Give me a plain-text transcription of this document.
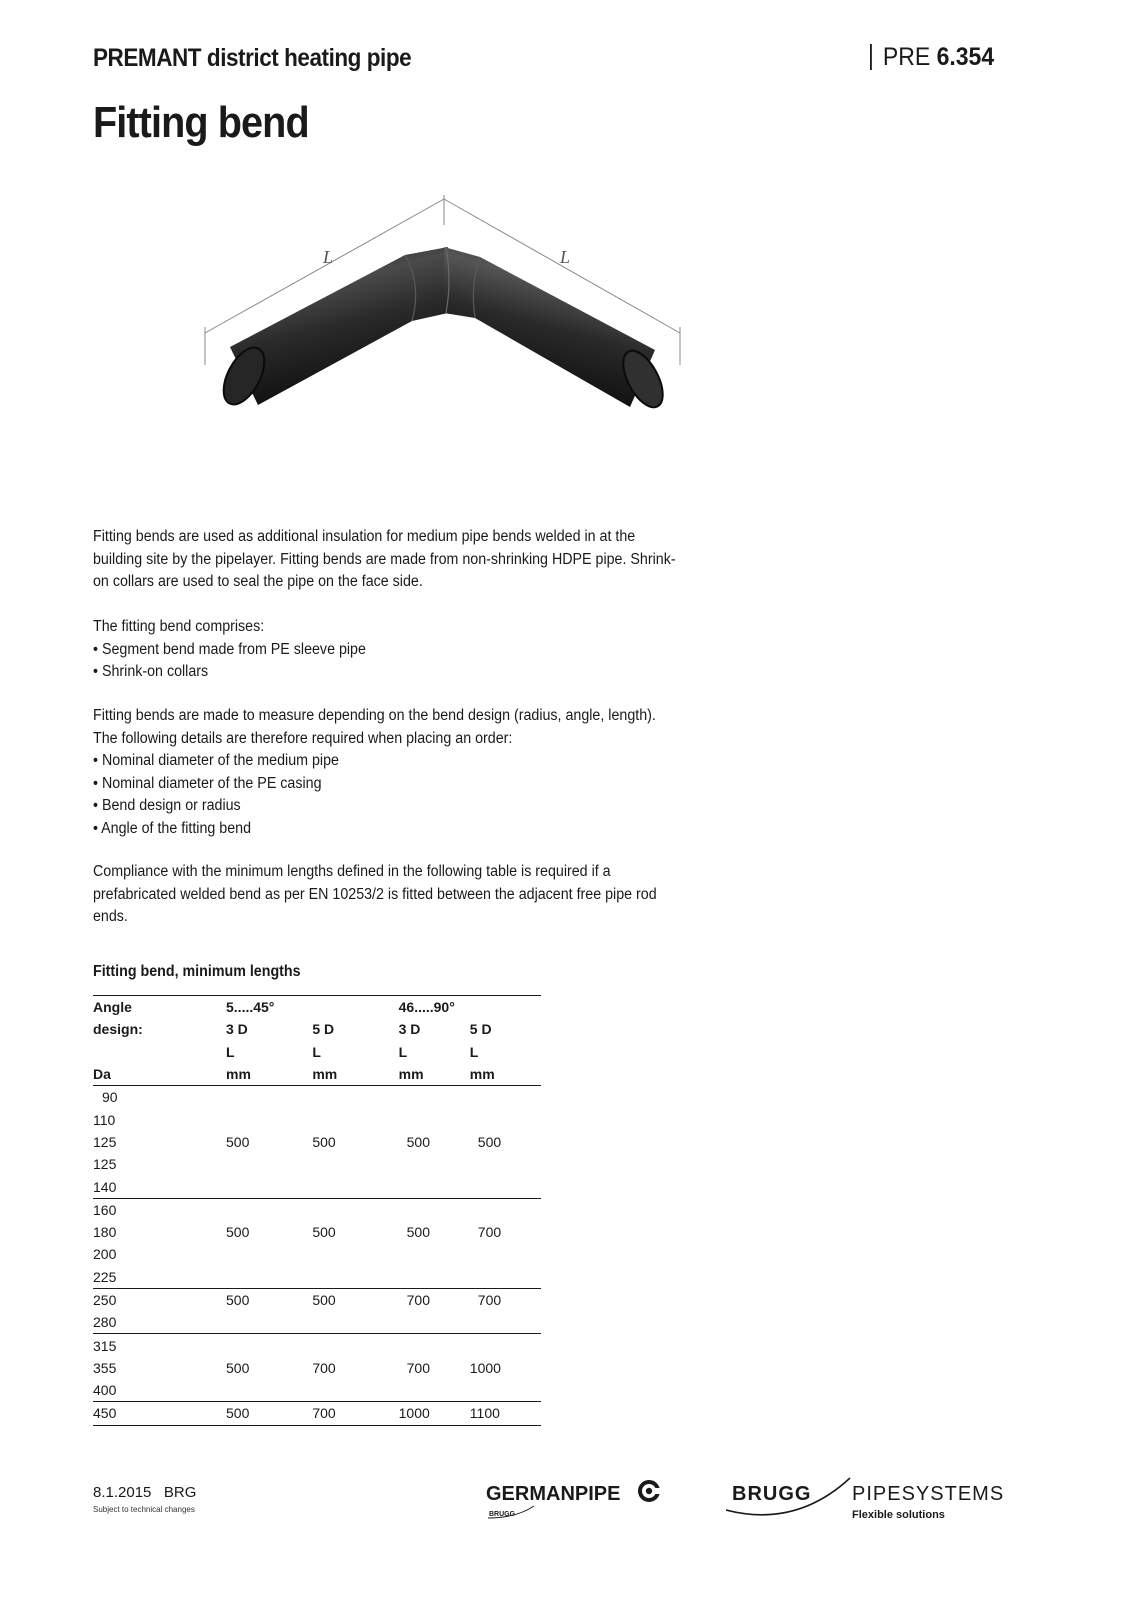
PREMANT district heating pipe	PRE 6.354
Fitting bend
L	L

Fitting bends are used as additional insulation for medium pipe bends welded in at the building site by the pipelayer. Fitting bends are made from non-shrinking HDPE pipe. Shrink-on collars are used to seal the pipe on the face side.

The fitting bend comprises:

• Segment bend made from PE sleeve pipe
• Shrink-on collars

Fitting bends are made to measure depending on the bend design (radius, angle, length). The following details are therefore required when placing an order:

• Nominal diameter of the medium pipe
• Nominal diameter of the PE casing
• Bend design or radius
• Angle of the fitting bend

Compliance with the minimum lengths defined in the following table is required if a prefabricated welded bend as per EN 10253/2 is fitted between the adjacent free pipe rod ends.

Fitting bend, minimum lengths
Angle	5.....45°		46.....90°	
design:	3 D	5 D	3 D	5 D
	L	L	L	L
Da	mm	mm	mm	mm
90				
110				
125	500	500	500	500
125				
140				
160				
180	500	500	500	700
200				
225				
250	500	500	700	700
280				
315				
355	500	700	700	1000
400				
450	500	700	1000	1100
8.1.2015   BRG
Subject to technical changes
GERMANPIPE
BRUGG
BRUGG PIPESYSTEMS
Flexible solutions
